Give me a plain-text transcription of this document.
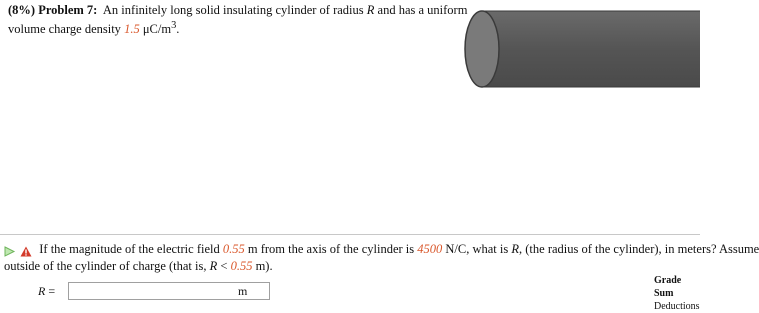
(8%) Problem 7: An infinitely long solid insulating cylinder of radius R and has a uniform volume charge density 1.5 $\mu C/m^3$.
If the magnitude of the electric field 0.55 m from the axis of the cylinder is 4500 N/C, what is R, (the radius of the cylinder), in meters? Assume
outside of the cylinder of charge (that is, R < 0.55 m).
R =	m
Grade Sum
Deductions
